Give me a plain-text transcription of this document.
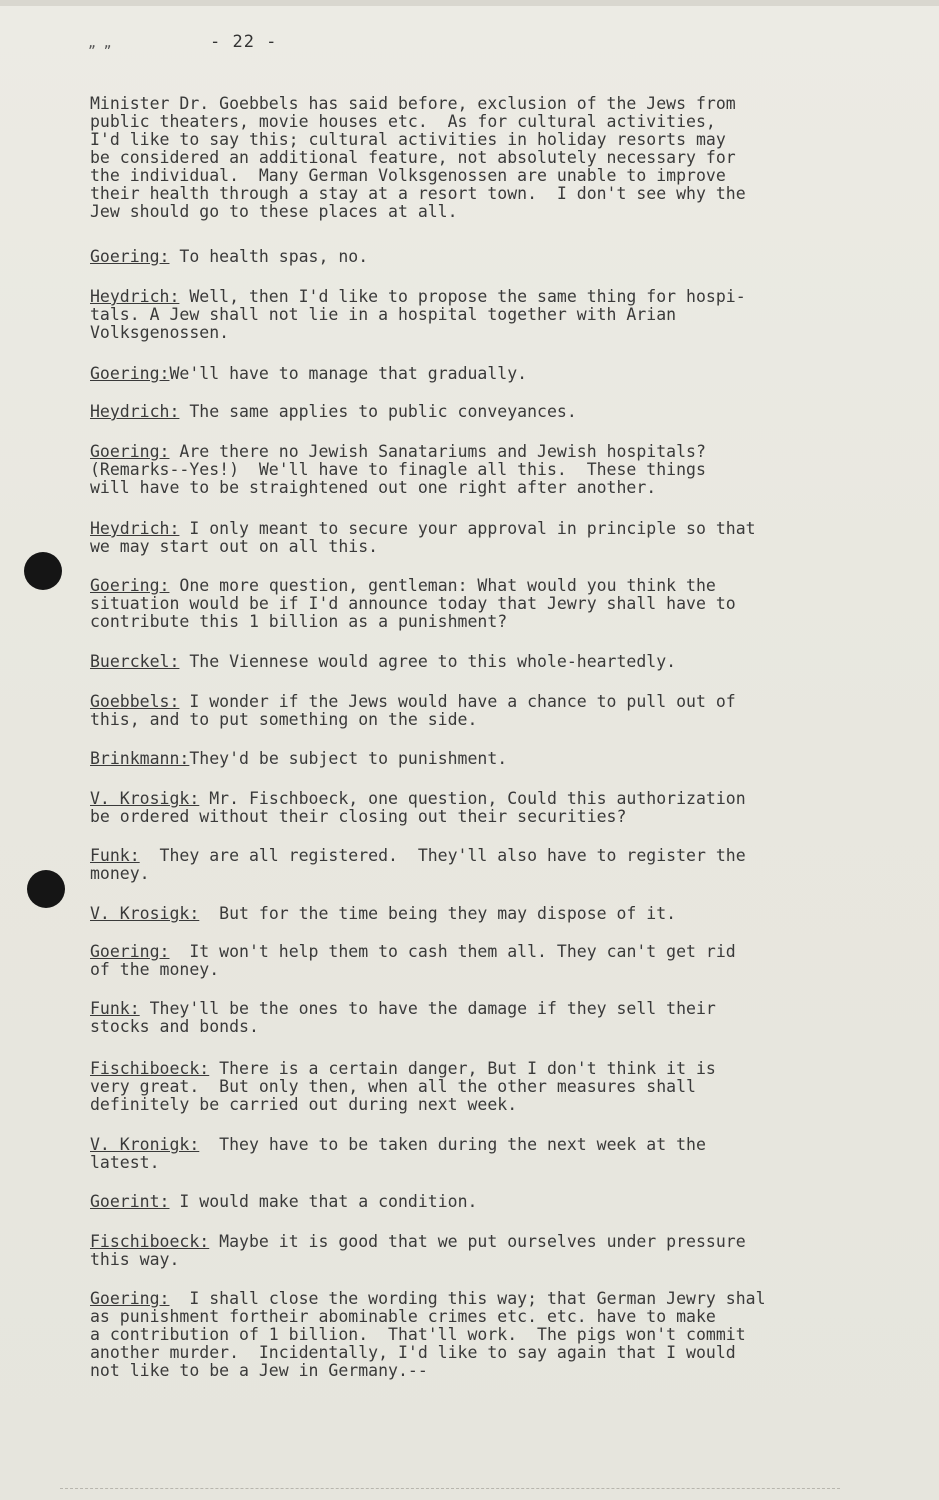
„ „	- 22 -
Minister Dr. Goebbels has said before, exclusion of the Jews from
public theaters, movie houses etc.  As for cultural activities,
I'd like to say this; cultural activities in holiday resorts may
be considered an additional feature, not absolutely necessary for
the individual.  Many German Volksgenossen are unable to improve
their health through a stay at a resort town.  I don't see why the
Jew should go to these places at all.
Goering: To health spas, no.
Heydrich: Well, then I'd like to propose the same thing for hospi-
tals. A Jew shall not lie in a hospital together with Arian
Volksgenossen.
Goering:We'll have to manage that gradually.
Heydrich: The same applies to public conveyances.
Goering: Are there no Jewish Sanatariums and Jewish hospitals?
(Remarks--Yes!)  We'll have to finagle all this.  These things
will have to be straightened out one right after another.
Heydrich: I only meant to secure your approval in principle so that
we may start out on all this.
Goering: One more question, gentleman: What would you think the
situation would be if I'd announce today that Jewry shall have to
contribute this 1 billion as a punishment?
Buerckel: The Viennese would agree to this whole-heartedly.
Goebbels: I wonder if the Jews would have a chance to pull out of
this, and to put something on the side.
Brinkmann:They'd be subject to punishment.
V. Krosigk: Mr. Fischboeck, one question, Could this authorization
be ordered without their closing out their securities?
Funk:  They are all registered.  They'll also have to register the
money.
V. Krosigk:  But for the time being they may dispose of it.
Goering:  It won't help them to cash them all. They can't get rid
of the money.
Funk: They'll be the ones to have the damage if they sell their
stocks and bonds.
Fischiboeck: There is a certain danger, But I don't think it is
very great.  But only then, when all the other measures shall
definitely be carried out during next week.
V. Kronigk:  They have to be taken during the next week at the
latest.
Goerint: I would make that a condition.
Fischiboeck: Maybe it is good that we put ourselves under pressure
this way.
Goering:  I shall close the wording this way; that German Jewry shal
as punishment fortheir abominable crimes etc. etc. have to make
a contribution of 1 billion.  That'll work.  The pigs won't commit
another murder.  Incidentally, I'd like to say again that I would
not like to be a Jew in Germany.--
